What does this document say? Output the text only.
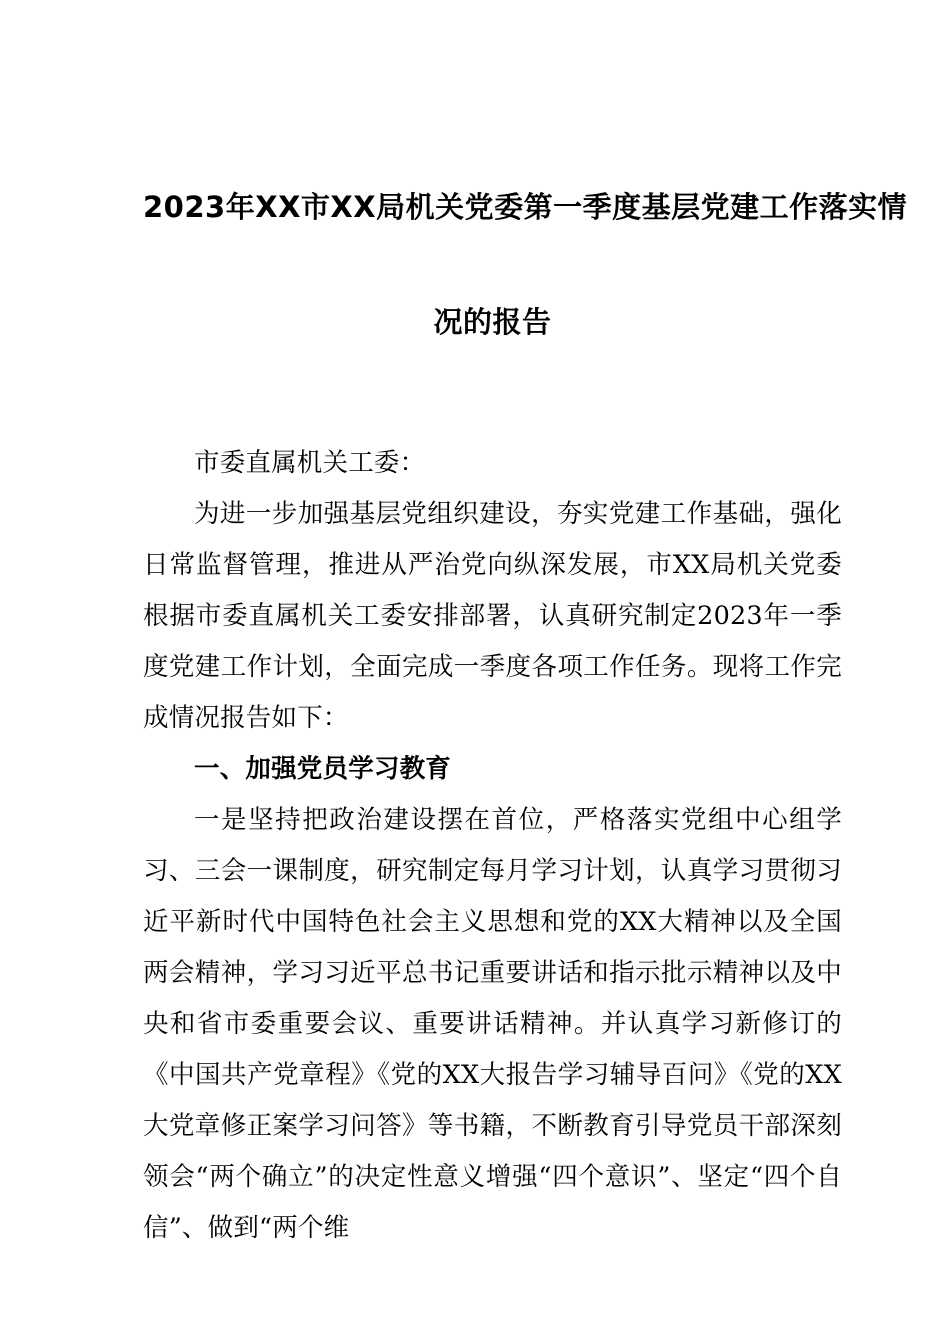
2023年XX市XX局机关党委第一季度基层党建工作落实情
况的报告

市委直属机关工委：

为进一步加强基层党组织建设，夯实党建工作基础，强化日常监督管理，推进从严治党向纵深发展，市XX局机关党委根据市委直属机关工委安排部署，认真研究制定2023年一季度党建工作计划，全面完成一季度各项工作任务。现将工作完成情况报告如下：

一、加强党员学习教育

一是坚持把政治建设摆在首位，严格落实党组中心组学习、三会一课制度，研究制定每月学习计划，认真学习贯彻习近平新时代中国特色社会主义思想和党的XX大精神以及全国两会精神，学习习近平总书记重要讲话和指示批示精神以及中央和省市委重要会议、重要讲话精神。并认真学习新修订的《中国共产党章程》《党的XX大报告学习辅导百问》《党的XX大党章修正案学习问答》等书籍，不断教育引导党员干部深刻领会“两个确立”的决定性意义增强“四个意识”、坚定“四个自信”、做到“两个维
